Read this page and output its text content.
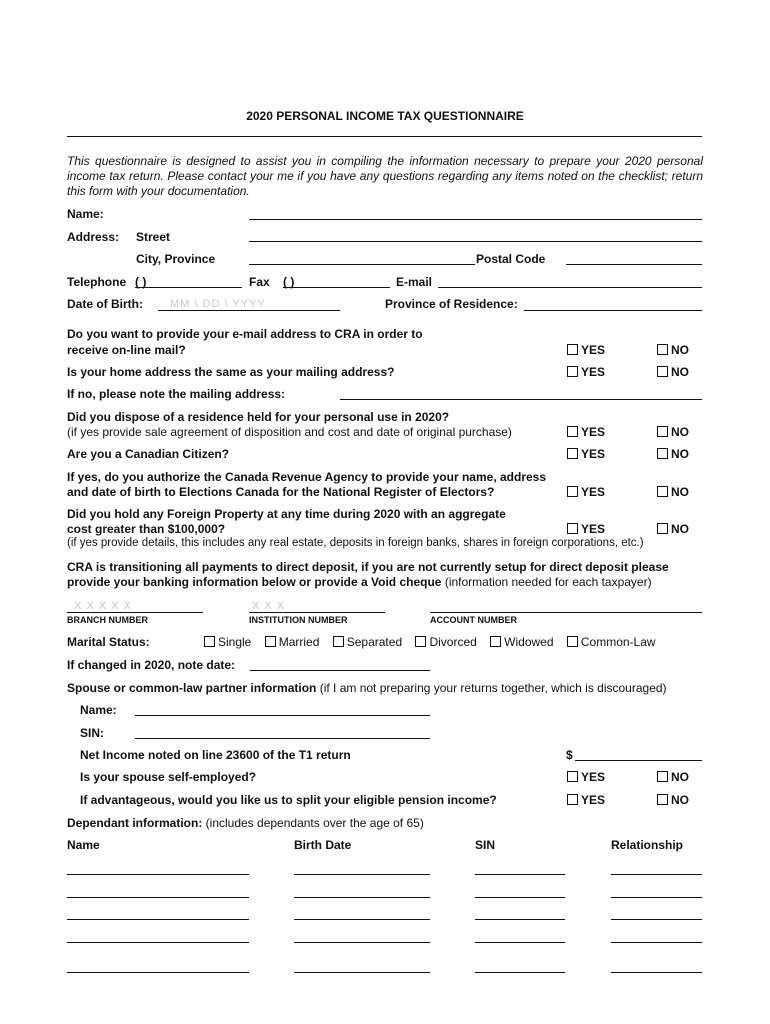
2020 PERSONAL INCOME TAX QUESTIONNAIRE
This questionnaire is designed to assist you in compiling the information necessary to prepare your 2020 personal income tax return. Please contact your me if you have any questions regarding any items noted on the checklist; return this form with your documentation.
Name:
Address: Street
City, Province	Postal Code
Telephone ( )	Fax ( )	E-mail
Date of Birth: MM \ DD \ YYYY	Province of Residence:
Do you want to provide your e-mail address to CRA in order to
receive on-line mail?	YES	NO
Is your home address the same as your mailing address?	YES	NO
If no, please note the mailing address:
Did you dispose of a residence held for your personal use in 2020?
(if yes provide sale agreement of disposition and cost and date of original purchase)	YES	NO
Are you a Canadian Citizen?	YES	NO
If yes, do you authorize the Canada Revenue Agency to provide your name, address
and date of birth to Elections Canada for the National Register of Electors?	YES	NO
Did you hold any Foreign Property at any time during 2020 with an aggregate
cost greater than $100,000?	YES	NO
(if yes provide details, this includes any real estate, deposits in foreign banks, shares in foreign corporations, etc.)
CRA is transitioning all payments to direct deposit, if you are not currently setup for direct deposit please
provide your banking information below or provide a Void cheque (information needed for each taxpayer)
X X X X X	X X X
BRANCH NUMBER	INSTITUTION NUMBER	ACCOUNT NUMBER
Marital Status:	Single Married Separated Divorced Widowed Common-Law
If changed in 2020, note date:
Spouse or common-law partner information (if I am not preparing your returns together, which is discouraged)
Name:
SIN:
Net Income noted on line 23600 of the T1 return	$
Is your spouse self-employed?	YES	NO
If advantageous, would you like us to split your eligible pension income?	YES	NO
Dependant information: (includes dependants over the age of 65)
Name	Birth Date	SIN	Relationship
